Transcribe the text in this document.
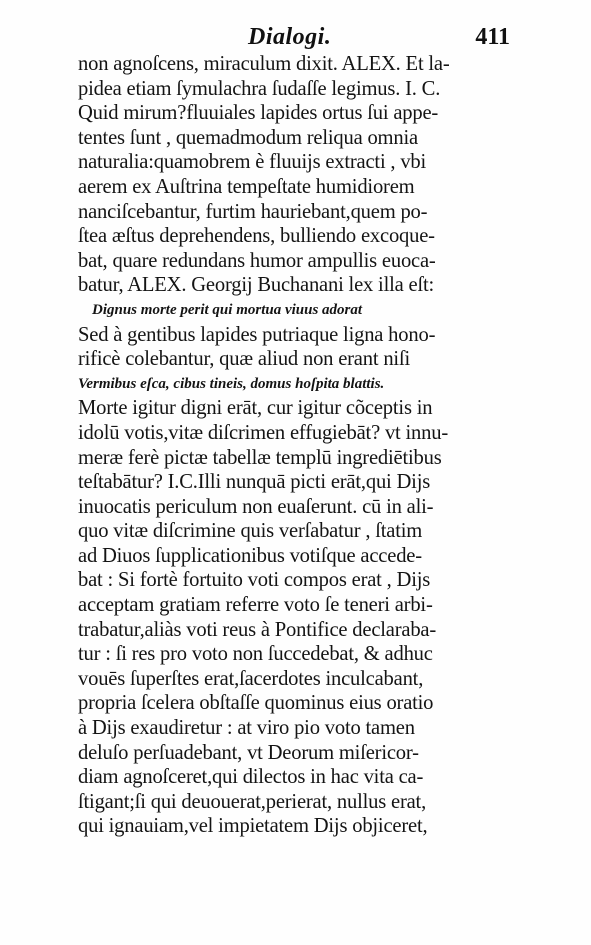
Dialogi.	411
non agnoſcens, miraculum dixit. ALEX. Et la-
pidea etiam ſymulachra ſudaſſe legimus. I. C.
Quid mirum?fluuiales lapides ortus ſui appe-
tentes ſunt , quemadmodum reliqua omnia
naturalia:quamobrem è fluuijs extracti , vbi
aerem ex Auſtrina tempeſtate humidiorem
nanciſcebantur, furtim hauriebant,quem po-
ſtea æſtus deprehendens, bulliendo excoque-
bat, quare redundans humor ampullis euoca-
batur, ALEX. Georgij Buchanani lex illa eſt:
Dignus morte perit qui mortua viuus adorat
Sed à gentibus lapides putriaque ligna hono-
rificè colebantur, quæ aliud non erant niſi
Vermibus eſca, cibus tineis, domus hoſpita blattis.
Morte igitur digni erāt, cur igitur cõceptis in
idolū votis,vitæ diſcrimen effugiebāt? vt innu-
meræ ferè pictæ tabellæ templū ingrediētibus
teſtabātur? I.C.Illi nunquā picti erāt,qui Dijs
inuocatis periculum non euaſerunt. cū in ali-
quo vitæ diſcrimine quis verſabatur , ſtatim
ad Diuos ſupplicationibus votiſque accede-
bat : Si fortè fortuito voti compos erat , Dijs
acceptam gratiam referre voto ſe teneri arbi-
trabatur,aliàs voti reus à Pontifice declaraba-
tur : ſi res pro voto non ſuccedebat, & adhuc
vouēs ſuperſtes erat,ſacerdotes inculcabant,
propria ſcelera obſtaſſe quominus eius oratio
à Dijs exaudiretur : at viro pio voto tamen
deluſo perſuadebant, vt Deorum miſericor-
diam agnoſceret,qui dilectos in hac vita ca-
ſtigant;ſi qui deuouerat,perierat, nullus erat,
qui ignauiam,vel impietatem Dijs objiceret,
